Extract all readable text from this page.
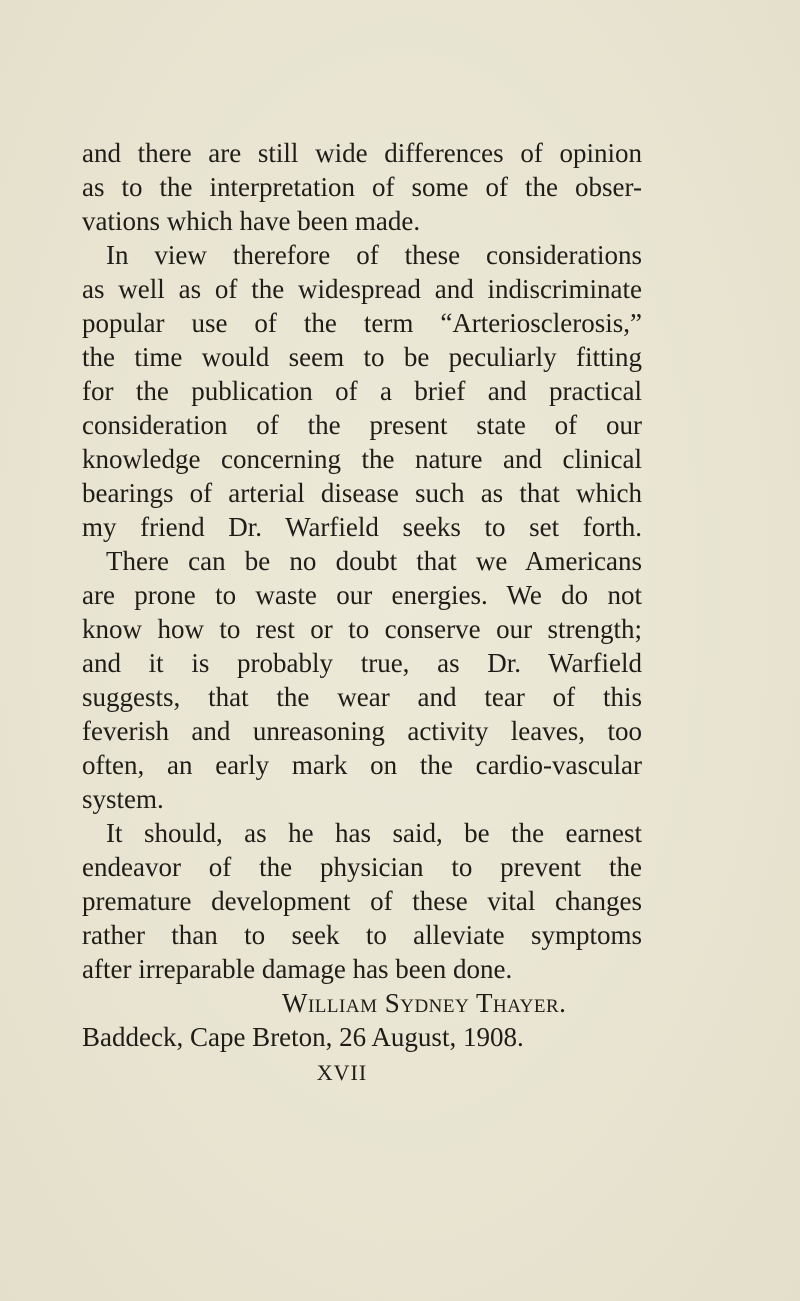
and there are still wide differences of opinion
as to the interpretation of some of the obser-
vations which have been made.
In view therefore of these considerations
as well as of the widespread and indiscriminate
popular use of the term “Arteriosclerosis,”
the time would seem to be peculiarly fitting
for the publication of a brief and practical
consideration of the present state of our
knowledge concerning the nature and clinical
bearings of arterial disease such as that which
my friend Dr. Warfield seeks to set forth.
There can be no doubt that we Americans
are prone to waste our energies. We do not
know how to rest or to conserve our strength;
and it is probably true, as Dr. Warfield
suggests, that the wear and tear of this
feverish and unreasoning activity leaves, too
often, an early mark on the cardio-vascular
system.
It should, as he has said, be the earnest
endeavor of the physician to prevent the
premature development of these vital changes
rather than to seek to alleviate symptoms
after irreparable damage has been done.
William Sydney Thayer.
Baddeck, Cape Breton, 26 August, 1908.
XVII
